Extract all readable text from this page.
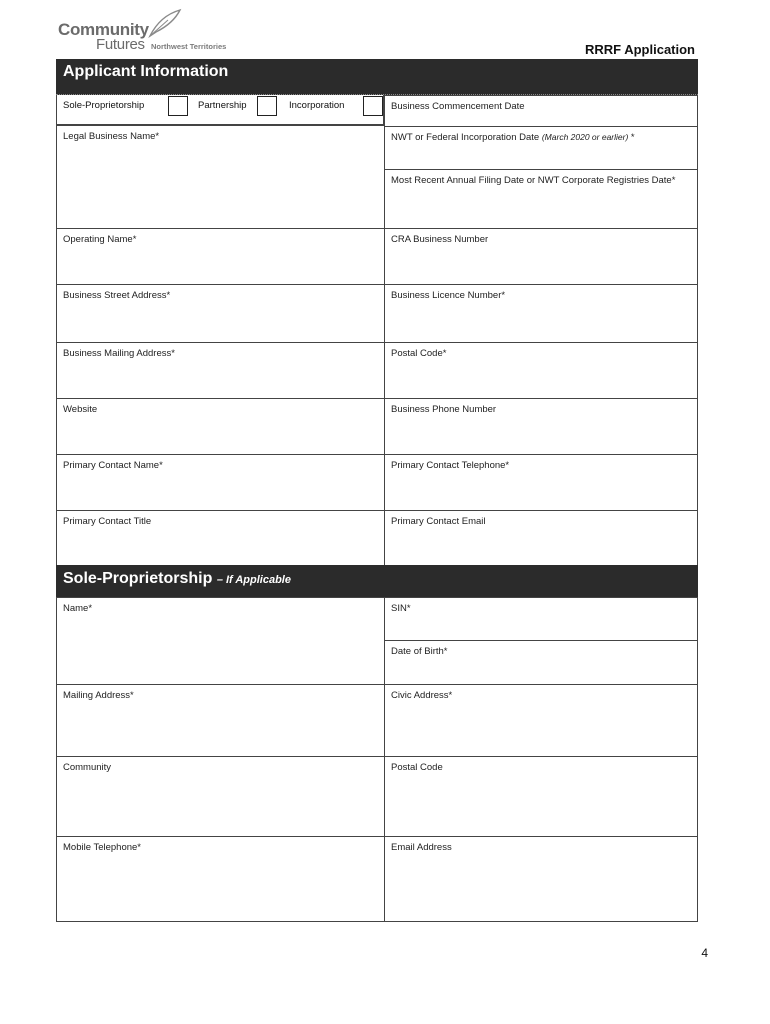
Community
Futures Northwest Territories	RRRF Application
Applicant Information
Sole-Proprietorship	Partnership	Incorporation	Business Commencement Date
Legal Business Name*	NWT or Federal Incorporation Date (March 2020 or earlier) *
Most Recent Annual Filing Date or NWT Corporate Registries Date*
Operating Name*	CRA Business Number
Business Street Address*	Business Licence Number*
Business Mailing Address*	Postal Code*
Website	Business Phone Number
Primary Contact Name*	Primary Contact Telephone*
Primary Contact Title	Primary Contact Email
Sole-Proprietorship – If Applicable
Name*	SIN*
Date of Birth*
Mailing Address*	Civic Address*
Community	Postal Code
Mobile Telephone*	Email Address
4
